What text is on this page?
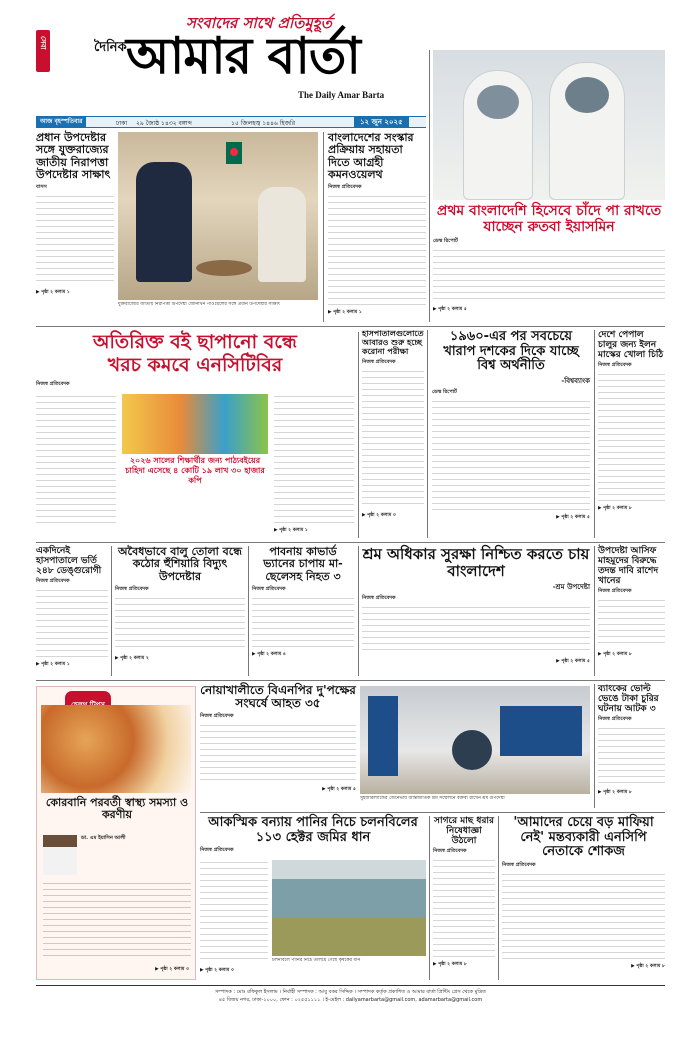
সেবা
সংবাদের সাথে প্রতিমুহূর্ত
দৈনিক আমার বার্তা
The Daily Amar Barta
আজ বৃহস্পতিবার	ঢাকা ২৯ জ্যৈষ্ঠ ১৪৩২ বঙ্গাব্দ	১৫ জিলহজ্ব ১৪৪৬ হিজরি	১২ জুন ২০২৫
প্রধান উপদেষ্টার সঙ্গে যুক্তরাজ্যের জাতীয় নিরাপত্তা উপদেষ্টার সাক্ষাৎ
বাসস
▶ পৃষ্ঠা ২ কলাম ১
যুক্তরাজ্যের জাতীয় নিরাপত্তা উপদেষ্টা জোনাথন পাওয়েলের সঙ্গে প্রধান উপদেষ্টার সাক্ষাৎ
বাংলাদেশের সংস্কার প্রক্রিয়ায় সহায়তা দিতে আগ্রহী কমনওয়েলথ
নিজস্ব প্রতিবেদক
▶ পৃষ্ঠা ২ কলাম ১
প্রথম বাংলাদেশি হিসেবে চাঁদে পা রাখতে যাচ্ছেন রুতবা ইয়াসমিন
ডেস্ক রিপোর্ট
▶ পৃষ্ঠা ২ কলাম ৫
অতিরিক্ত বই ছাপানো বন্ধে
খরচ কমবে এনসিটিবির
নিজস্ব প্রতিবেদক
২০২৬ সালের শিক্ষার্থীর জন্য পাঠ্যবইয়ের চাহিদা এসেছে ৪ কোটি ১৯ লাখ ৩০ হাজার কপি
▶ পৃষ্ঠা ২ কলাম ১
হাসপাতালগুলোতে আবারও শুরু হচ্ছে করোনা পরীক্ষা
নিজস্ব প্রতিবেদক
▶ পৃষ্ঠা ২ কলাম ৩
১৯৬০-এর পর সবচেয়ে খারাপ দশকের দিকে যাচ্ছে বিশ্ব অর্থনীতি
-বিশ্বব্যাংক
ডেস্ক রিপোর্ট
▶ পৃষ্ঠা ২ কলাম ৫
দেশে পেপাল চালুর জন্য ইলন মাস্কের খোলা চিঠি
নিজস্ব প্রতিবেদক
▶ পৃষ্ঠা ২ কলাম ৮
একদিনেই হাসপাতালে ভর্তি ২৪৮ ডেঙ্গুরোগী
নিজস্ব প্রতিবেদক
▶ পৃষ্ঠা ২ কলাম ১
অবৈধভাবে বালু তোলা বন্ধে কঠোর হুঁশিয়ারি বিদ্যুৎ উপদেষ্টার
নিজস্ব প্রতিবেদক
▶ পৃষ্ঠা ২ কলাম ২
পাবনায় কাভার্ড ভ্যানের চাপায় মা-ছেলেসহ নিহত ৩
নিজস্ব প্রতিবেদক
▶ পৃষ্ঠা ২ কলাম ৪
শ্রম অধিকার সুরক্ষা নিশ্চিত করতে চায় বাংলাদেশ
-শ্রম উপদেষ্টা
নিজস্ব প্রতিবেদক
▶ পৃষ্ঠা ২ কলাম ৫
উপদেষ্টা আসিফ মাহমুদের বিরুদ্ধে তদন্ত দাবি রাশেদ খানের
নিজস্ব প্রতিবেদক
▶ পৃষ্ঠা ২ কলাম ৮
কোরবানি পরবর্তী স্বাস্থ্য সমস্যা ও করণীয়
ডা. এম ইয়াসিন আলী
▶ পৃষ্ঠা ২ কলাম ৩
নোয়াখালীতে বিএনপির দু'পক্ষের সংঘর্ষে আহত ৩৫
নিজস্ব প্রতিবেদক
▶ পৃষ্ঠা ২ কলাম ৫
সুইজারল্যান্ডের জেনেভায় আন্তর্জাতিক শ্রম সম্মেলনে বক্তব্য রাখেন শ্রম উপদেষ্টা
ব্যাংকের ভোল্ট ভেঙে টাকা চুরির ঘটনায় আটক ৩
নিজস্ব প্রতিবেদক
▶ পৃষ্ঠা ২ কলাম ৮
আকস্মিক বন্যায় পানির নিচে চলনবিলের ১১৩ হেক্টর জমির ধান
নিজস্ব প্রতিবেদক
চলনবিলে পানির নিচে তলিয়ে গেছে কৃষকের ধান
▶ পৃষ্ঠা ২ কলাম ৩
সাগরে মাছ ধরার নিষেধাজ্ঞা উঠলো
নিজস্ব প্রতিবেদক
▶ পৃষ্ঠা ২ কলাম ৮
'আমাদের চেয়ে বড় মাফিয়া নেই' মন্তব্যকারী এনসিপি নেতাকে শোকজ
নিজস্ব প্রতিবেদক
▶ পৃষ্ঠা ২ কলাম ৮
সম্পাদক : মোঃ রফিকুল ইসলাম । নির্বাহী সম্পাদক : আবু বকর সিদ্দিক । সম্পাদক কর্তৃক প্রকাশিত ও আমার বার্তা প্রিন্টিং প্রেস থেকে মুদ্রিত
৪৫ বিজয় নগর, ঢাকা-১০০০, ফোন : ০২৫৫১১১১ । ই-মেইল : dailyamarbarta@gmail.com, adamarbarta@gmail.com
